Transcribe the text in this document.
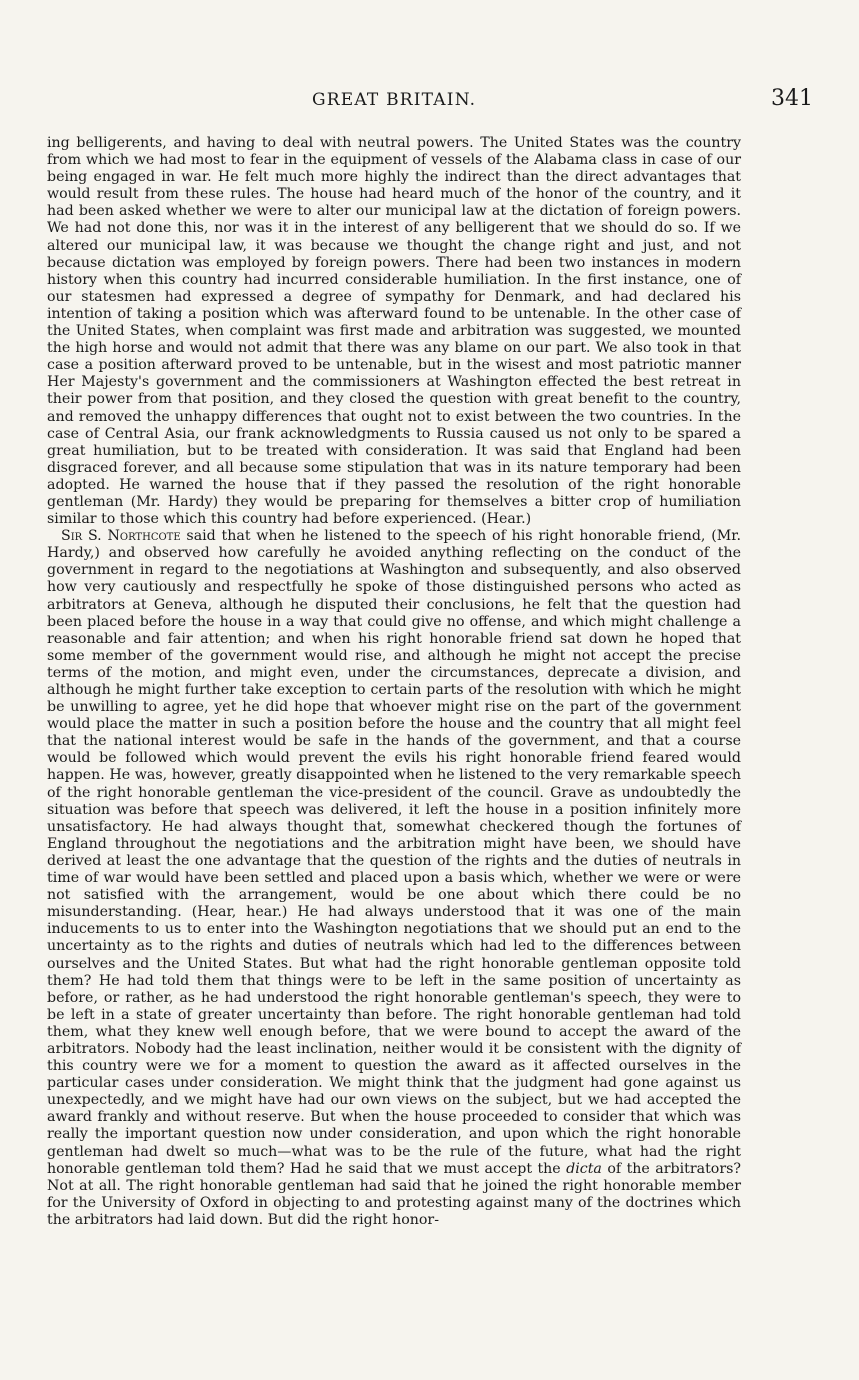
GREAT BRITAIN.	341

ing belligerents, and having to deal with neutral powers. The United States was the country from which we had most to fear in the equipment of vessels of the Alabama class in case of our being engaged in war. He felt much more highly the indirect than the direct advantages that would result from these rules. The house had heard much of the honor of the country, and it had been asked whether we were to alter our municipal law at the dictation of foreign powers. We had not done this, nor was it in the interest of any belligerent that we should do so. If we altered our municipal law, it was because we thought the change right and just, and not because dictation was employed by foreign powers. There had been two instances in modern history when this country had incurred considerable humiliation. In the first instance, one of our statesmen had expressed a degree of sympathy for Denmark, and had declared his intention of taking a position which was afterward found to be untenable. In the other case of the United States, when complaint was first made and arbitration was suggested, we mounted the high horse and would not admit that there was any blame on our part. We also took in that case a position afterward proved to be untenable, but in the wisest and most patriotic manner Her Majesty's government and the commissioners at Washington effected the best retreat in their power from that position, and they closed the question with great benefit to the country, and removed the unhappy differences that ought not to exist between the two countries. In the case of Central Asia, our frank acknowledgments to Russia caused us not only to be spared a great humiliation, but to be treated with consideration. It was said that England had been disgraced forever, and all because some stipulation that was in its nature temporary had been adopted. He warned the house that if they passed the resolution of the right honorable gentleman (Mr. Hardy) they would be preparing for themselves a bitter crop of humiliation similar to those which this country had before experienced. (Hear.)

Sir S. Northcote said that when he listened to the speech of his right honorable friend, (Mr. Hardy,) and observed how carefully he avoided anything reflecting on the conduct of the government in regard to the negotiations at Washington and subsequently, and also observed how very cautiously and respectfully he spoke of those distinguished persons who acted as arbitrators at Geneva, although he disputed their conclusions, he felt that the question had been placed before the house in a way that could give no offense, and which might challenge a reasonable and fair attention; and when his right honorable friend sat down he hoped that some member of the government would rise, and although he might not accept the precise terms of the motion, and might even, under the circumstances, deprecate a division, and although he might further take exception to certain parts of the resolution with which he might be unwilling to agree, yet he did hope that whoever might rise on the part of the government would place the matter in such a position before the house and the country that all might feel that the national interest would be safe in the hands of the government, and that a course would be followed which would prevent the evils his right honorable friend feared would happen. He was, however, greatly disappointed when he listened to the very remarkable speech of the right honorable gentleman the vice-president of the council. Grave as undoubtedly the situation was before that speech was delivered, it left the house in a position infinitely more unsatisfactory. He had always thought that, somewhat checkered though the fortunes of England throughout the negotiations and the arbitration might have been, we should have derived at least the one advantage that the question of the rights and the duties of neutrals in time of war would have been settled and placed upon a basis which, whether we were or were not satisfied with the arrangement, would be one about which there could be no misunderstanding. (Hear, hear.) He had always understood that it was one of the main inducements to us to enter into the Washington negotiations that we should put an end to the uncertainty as to the rights and duties of neutrals which had led to the differences between ourselves and the United States. But what had the right honorable gentleman opposite told them? He had told them that things were to be left in the same position of uncertainty as before, or rather, as he had understood the right honorable gentleman's speech, they were to be left in a state of greater uncertainty than before. The right honorable gentleman had told them, what they knew well enough before, that we were bound to accept the award of the arbitrators. Nobody had the least inclination, neither would it be consistent with the dignity of this country were we for a moment to question the award as it affected ourselves in the particular cases under consideration. We might think that the judgment had gone against us unexpectedly, and we might have had our own views on the subject, but we had accepted the award frankly and without reserve. But when the house proceeded to consider that which was really the important question now under consideration, and upon which the right honorable gentleman had dwelt so much—what was to be the rule of the future, what had the right honorable gentleman told them? Had he said that we must accept the dicta of the arbitrators? Not at all. The right honorable gentleman had said that he joined the right honorable member for the University of Oxford in objecting to and protesting against many of the doctrines which the arbitrators had laid down. But did the right honor-
